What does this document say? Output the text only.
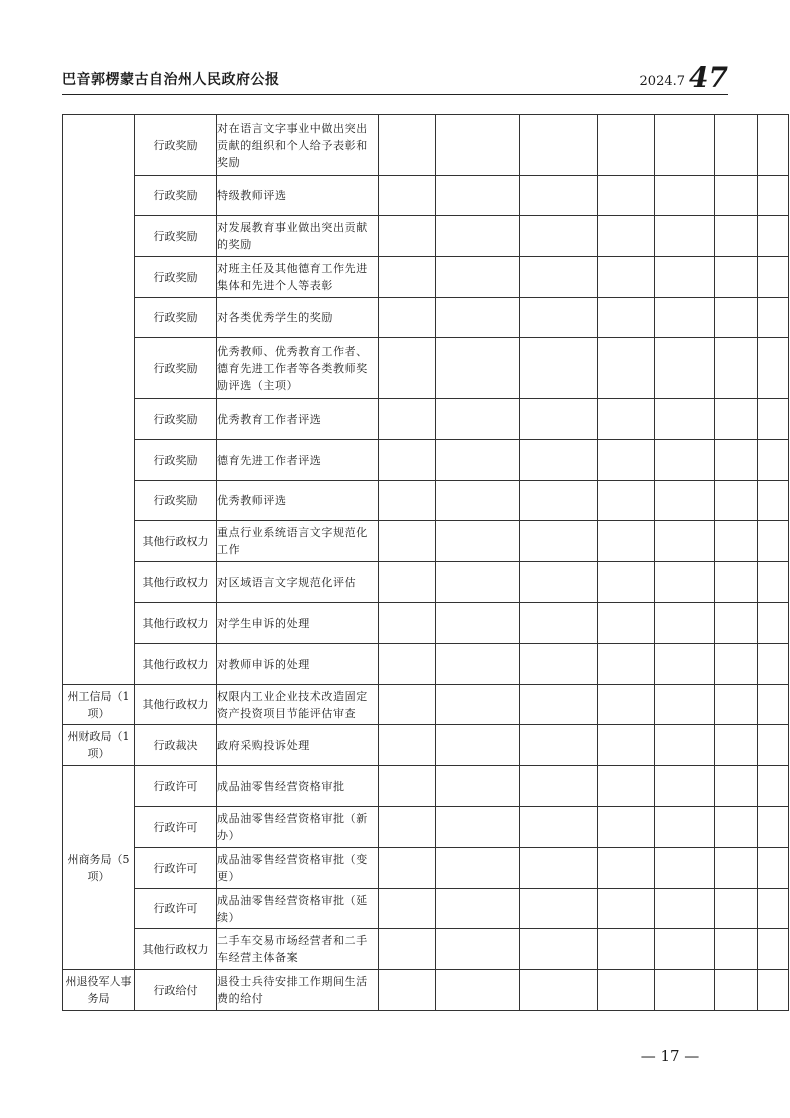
巴音郭楞蒙古自治州人民政府公报	2024.7 47
	行政奖励	对在语言文字事业中做出突出贡献的组织和个人给予表彰和奖励							
	行政奖励	特级教师评选							
	行政奖励	对发展教育事业做出突出贡献的奖励							
	行政奖励	对班主任及其他德育工作先进集体和先进个人等表彰							
	行政奖励	对各类优秀学生的奖励							
	行政奖励	优秀教师、优秀教育工作者、德育先进工作者等各类教师奖励评选（主项）							
	行政奖励	优秀教育工作者评选							
	行政奖励	德育先进工作者评选							
	行政奖励	优秀教师评选							
	其他行政权力	重点行业系统语言文字规范化工作							
	其他行政权力	对区域语言文字规范化评估							
	其他行政权力	对学生申诉的处理							
	其他行政权力	对教师申诉的处理							
州工信局（1项）	其他行政权力	权限内工业企业技术改造固定资产投资项目节能评估审查							
州财政局（1项）	行政裁决	政府采购投诉处理							
州商务局（5项）	行政许可	成品油零售经营资格审批							
	行政许可	成品油零售经营资格审批（新办）							
	行政许可	成品油零售经营资格审批（变更）							
	行政许可	成品油零售经营资格审批（延续）							
	其他行政权力	二手车交易市场经营者和二手车经营主体备案							
州退役军人事务局	行政给付	退役士兵待安排工作期间生活费的给付							
— 17 —
